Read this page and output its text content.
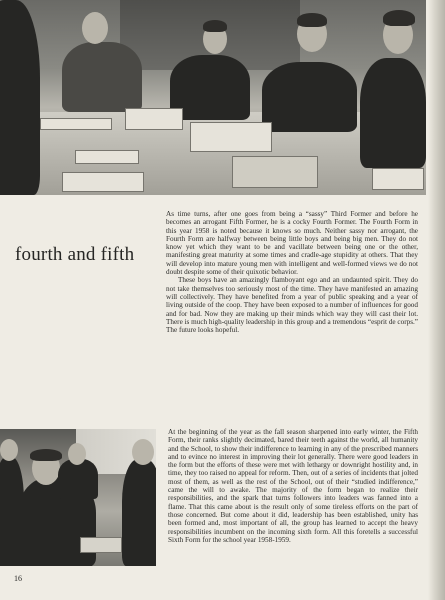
fourth and fifth

As time turns, after one goes from being a “sassy” Third Former and before he becomes an arrogant Fifth Former, he is a cocky Fourth Former. The Fourth Form in this year 1958 is noted because it knows so much. Neither sassy nor arrogant, the Fourth Form are halfway between being little boys and being big men. They do not know yet which they want to be and vacillate between being one or the other, manifesting great maturity at some times and cradle-age stupidity at others. That they will develop into mature young men with intelligent and well-formed views we do not doubt despite some of their quixotic behavior.

These boys have an amazingly flamboyant ego and an undaunted spirit. They do not take themselves too seriously most of the time. They have manifested an amazing will collectively. They have benefited from a year of public speaking and a year of living outside of the coop. They have been exposed to a number of influences for good and for bad. Now they are making up their minds which way they will cast their lot. There is much high-quality leadership in this group and a tremendous “esprit de corps.” The future looks hopeful.

At the beginning of the year as the fall season sharpened into early winter, the Fifth Form, their ranks slightly decimated, bared their teeth against the world, all humanity and the School, to show their indifference to learning in any of the prescribed manners and to evince no interest in improving their lot generally. There were good leaders in the form but the efforts of these were met with lethargy or downright hostility and, in time, they too raised no appeal for reform. Then, out of a series of incidents that jolted most of them, as well as the rest of the School, out of their “studied indifference,” came the will to awake. The majority of the form began to realize their responsibilities, and the spark that turns followers into leaders was fanned into a flame. That this came about is the result only of some tireless efforts on the part of those concerned. But come about it did, leadership has been established, unity has been formed and, most important of all, the group has learned to accept the heavy responsibilities incumbent on the incoming sixth form. All this foretells a successful Sixth Form for the school year 1958-1959.

16
